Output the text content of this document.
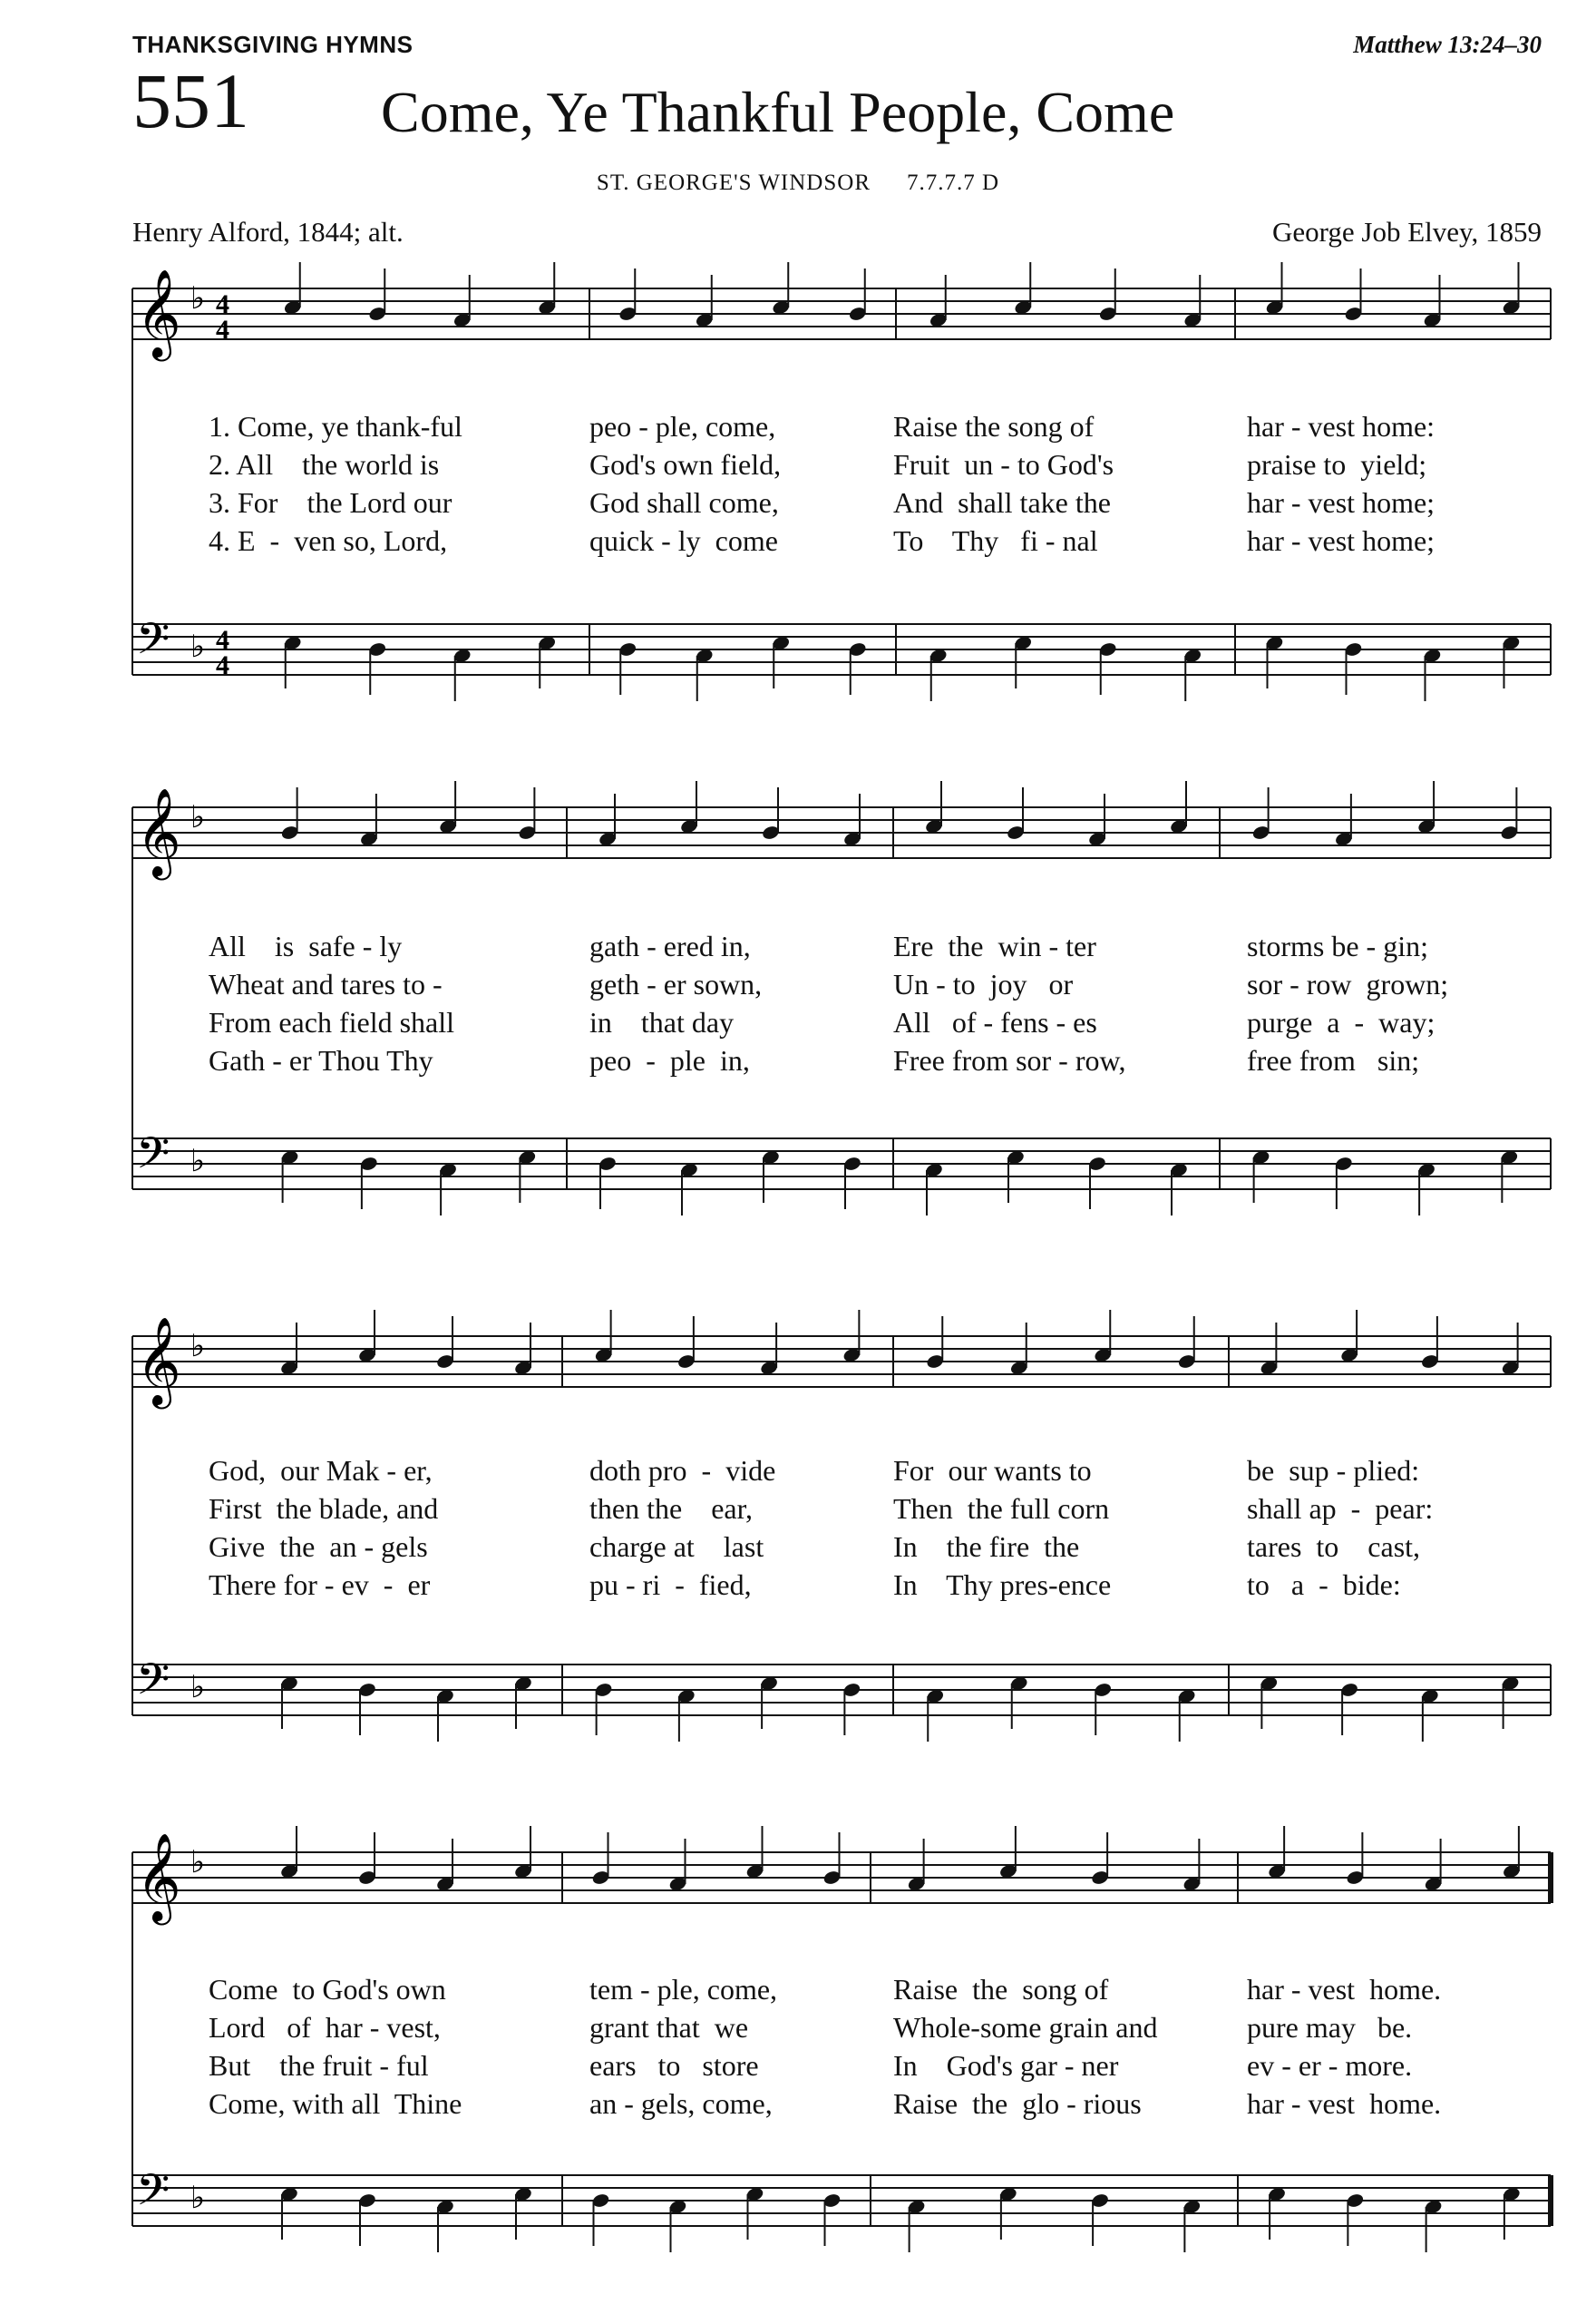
THANKSGIVING HYMNS	Matthew 13:24–30
551 Come, Ye Thankful People, Come
ST. GEORGE'S WINDSOR 7.7.7.7 D
Henry Alford, 1844; alt.	George Job Elvey, 1859
𝄞 ♭ 4
4
𝄢 ♭ 4
4
𝄞 ♭
𝄢 ♭
𝄞 ♭
𝄢 ♭
𝄞 ♭
𝄢 ♭
1. Come, ye thank-ful	peo - ple, come,	Raise the song of	har - vest home:
2. All    the world is	God's own field,	Fruit  un - to God's	praise to  yield;
3. For    the Lord our	God shall come,	And  shall take the	har - vest home;
4. E  -  ven so, Lord,	quick - ly  come	To    Thy   fi - nal	har - vest home;
All    is  safe - ly	gath - ered in,	Ere  the  win - ter	storms be - gin;
Wheat and tares to -	geth - er sown,	Un - to  joy   or	sor - row  grown;
From each field shall	in    that day	All   of - fens - es	purge  a  -  way;
Gath - er Thou Thy	peo  -  ple  in,	Free from sor - row,	free from   sin;
God,  our Mak - er,	doth pro  -  vide	For  our wants to	be  sup - plied:
First  the blade, and	then the    ear,	Then  the full corn	shall ap  -  pear:
Give  the  an - gels	charge at    last	In    the fire  the	tares  to    cast,
There for - ev  -  er	pu - ri  -  fied,	In    Thy pres-ence	to   a  -  bide:
Come  to God's own	tem - ple, come,	Raise  the  song of	har - vest  home.
Lord   of  har - vest,	grant that  we	Whole-some grain and	pure may   be.
But    the fruit - ful	ears   to   store	In    God's gar - ner	ev - er - more.
Come, with all  Thine	an - gels, come,	Raise  the  glo - rious	har - vest  home.
